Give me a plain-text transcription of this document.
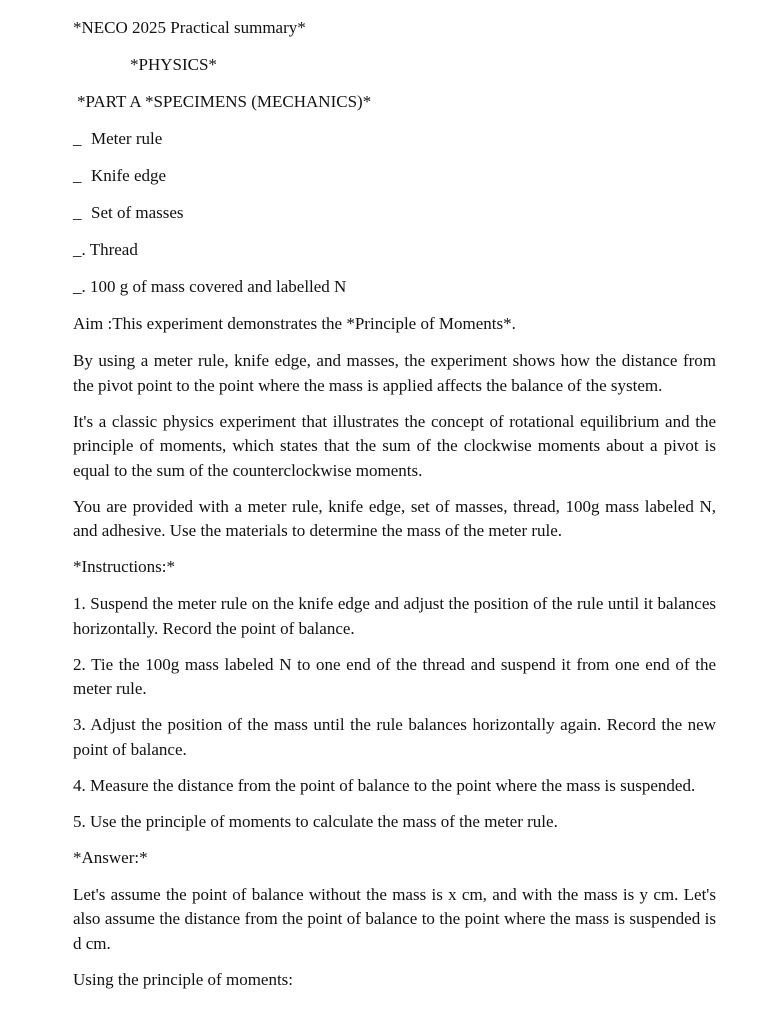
*NECO 2025 Practical summary*
*PHYSICS*
*PART A *SPECIMENS (MECHANICS)*
_ Meter rule
_ Knife edge
_ Set of masses
_. Thread
_. 100 g of mass covered and labelled N
Aim :This experiment demonstrates the *Principle of Moments*.

By using a meter rule, knife edge, and masses, the experiment shows how the distance from the pivot point to the point where the mass is applied affects the balance of the system.

It's a classic physics experiment that illustrates the concept of rotational equilibrium and the principle of moments, which states that the sum of the clockwise moments about a pivot is equal to the sum of the counterclockwise moments.

You are provided with a meter rule, knife edge, set of masses, thread, 100g mass labeled N, and adhesive. Use the materials to determine the mass of the meter rule.

*Instructions:*

1. Suspend the meter rule on the knife edge and adjust the position of the rule until it balances horizontally. Record the point of balance.

2. Tie the 100g mass labeled N to one end of the thread and suspend it from one end of the meter rule.

3. Adjust the position of the mass until the rule balances horizontally again. Record the new point of balance.

4. Measure the distance from the point of balance to the point where the mass is suspended.

5. Use the principle of moments to calculate the mass of the meter rule.

*Answer:*

Let's assume the point of balance without the mass is x cm, and with the mass is y cm. Let's also assume the distance from the point of balance to the point where the mass is suspended is d cm.

Using the principle of moments:
